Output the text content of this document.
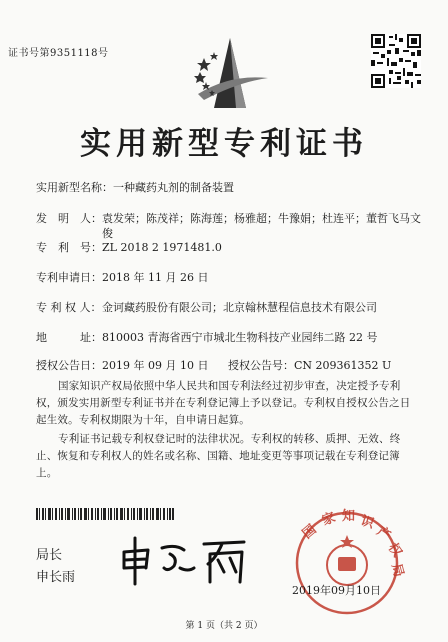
证书号第9351118号
实用新型专利证书
实用新型名称：一种藏药丸剂的制备装置
发　明　人： 袁发荣；陈茂祥；陈海莲；杨雅超；牛豫娟；杜连平；董哲飞马文俊
专　利　号：ZL 2018 2 1971481.0
专利申请日：2018 年 11 月 26 日
专 利 权 人：金诃藏药股份有限公司；北京翰林慧程信息技术有限公司
地　　　址：810003 青海省西宁市城北生物科技产业园纬二路 22 号
授权公告日：2019 年 09 月 10 日 授权公告号：CN 209361352 U
国家知识产权局依照中华人民共和国专利法经过初步审查，决定授予专利权，颁发实用新型专利证书并在专利登记簿上予以登记。专利权自授权公告之日起生效。专利权期限为十年，自申请日起算。
专利证书记载专利权登记时的法律状况。专利权的转移、质押、无效、终止、恢复和专利权人的姓名或名称、国籍、地址变更等事项记载在专利登记簿上。
局长
申长雨
国
家 知 识
产
权
局
2019年09月10日
第 1 页（共 2 页）
